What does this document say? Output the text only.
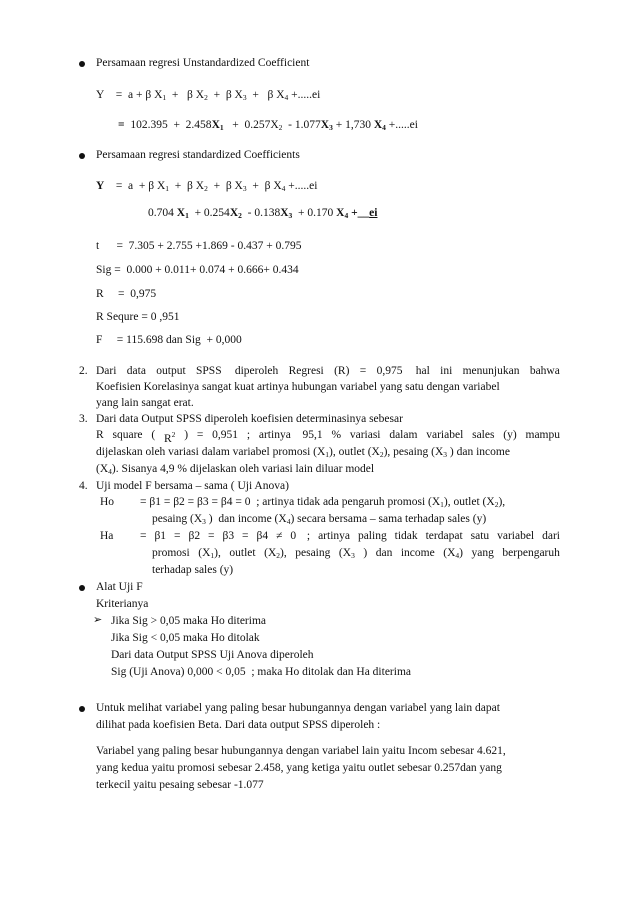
Persamaan regresi Unstandardized Coefficient
Y    =  a + β $X_1 + \beta$ $X_2 + \beta$ $X_3 + \beta$ $X_4 +.....ei$
=  $102.395 + 2.458X_1 + 0.257X_2 - 1.077X_3 + 1,730$ $X_4 +.....ei$
Persamaan regresi standardized Coefficients
Y    =  a  + β $X_1 + \beta$ $X_2 + \beta$ $X_3 + \beta$ $X_4 +.....ei$
0.704 $X_1 + 0.254X_2 - 0.138X_3 + 0.170$ $X_4$ +__ei
t      =  7.305 + 2.755 +1.869 - 0.437 + 0.795
Sig =  0.000 + 0.011+ 0.074 + 0.666+ 0.434
R     =  0,975
R Sequre = 0 ,951
F     = 115.698 dan Sig  + 0,000
2. Dari data output SPSS diperoleh Regresi (R) = 0,975 hal ini menunjukan bahwa
Koefisien Korelasinya sangat kuat artinya hubungan variabel yang satu dengan variabel
yang lain sangat erat.
3. Dari data Output SPSS diperoleh koefisien determinasinya sebesar
R square ( $R^2$ ) = 0,951 ; artinya 95,1 % variasi dalam variabel sales (y) mampu
dijelaskan oleh variasi dalam variabel promosi $(X_1)$, outlet $(X_2)$, pesaing ($X_3$ ) dan income
$(X_4)$. Sisanya 4,9 % dijelaskan oleh variasi lain diluar model
4. Uji model F bersama – sama ( Uji Anova)
Ho = β1 = β2 = β3 = β4 = 0  ; artinya tidak ada pengaruh promosi $(X_1)$, outlet $(X_2)$,
pesaing ($X_3$ )  dan income $(X_4)$ secara bersama – sama terhadap sales (y)
Ha = β1 = β2 = β3 = β4 ≠ 0 ; artinya paling tidak terdapat satu variabel dari
promosi $(X_1)$, outlet $(X_2)$, pesaing ($X_3$ ) dan income $(X_4)$ yang berpengaruh
terhadap sales (y)
Alat Uji F
Kriterianya
➢ Jika Sig > 0,05 maka Ho diterima
Jika Sig < 0,05 maka Ho ditolak
Dari data Output SPSS Uji Anova diperoleh
Sig (Uji Anova) 0,000 < 0,05  ; maka Ho ditolak dan Ha diterima
Untuk melihat variabel yang paling besar hubungannya dengan variabel yang lain dapat
dilihat pada koefisien Beta. Dari data output SPSS diperoleh :
Variabel yang paling besar hubungannya dengan variabel lain yaitu Incom sebesar 4.621,
yang kedua yaitu promosi sebesar 2.458, yang ketiga yaitu outlet sebesar 0.257dan yang
terkecil yaitu pesaing sebesar -1.077
